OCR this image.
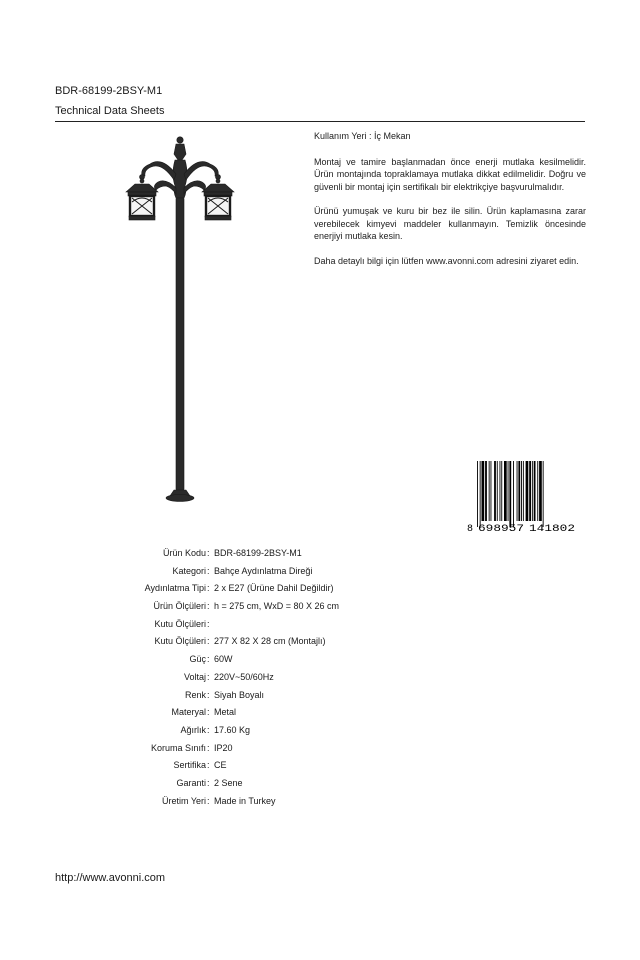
BDR-68199-2BSY-M1
Technical Data Sheets

Kullanım Yeri : İç Mekan

Montaj ve tamire başlanmadan önce enerji mutlaka kesilmelidir. Ürün montajında topraklamaya mutlaka dikkat edilmelidir. Doğru ve güvenli bir montaj için sertifikalı bir elektrikçiye başvurulmalıdır.

Ürünü yumuşak ve kuru bir bez ile silin. Ürün kaplamasına zarar verebilecek kimyevi maddeler kullanmayın. Temizlik öncesinde enerjiyi mutlaka kesin.

Daha detaylı bilgi için lütfen www.avonni.com adresini ziyaret edin.

8 698957 141802
Ürün Kodu : BDR-68199-2BSY-M1
Kategori : Bahçe Aydınlatma Direği
Aydınlatma Tipi : 2 x E27 (Ürüne Dahil Değildir)
Ürün Ölçüleri : h = 275 cm, WxD = 80 X 26 cm
Kutu Ölçüleri :
Kutu Ölçüleri : 277 X 82 X 28 cm (Montajlı)
Güç : 60W
Voltaj : 220V~50/60Hz
Renk : Siyah Boyalı
Materyal : Metal
Ağırlık : 17.60 Kg
Koruma Sınıfı : IP20
Sertifika : CE
Garanti : 2 Sene
Üretim Yeri : Made in Turkey
http://www.avonni.com
